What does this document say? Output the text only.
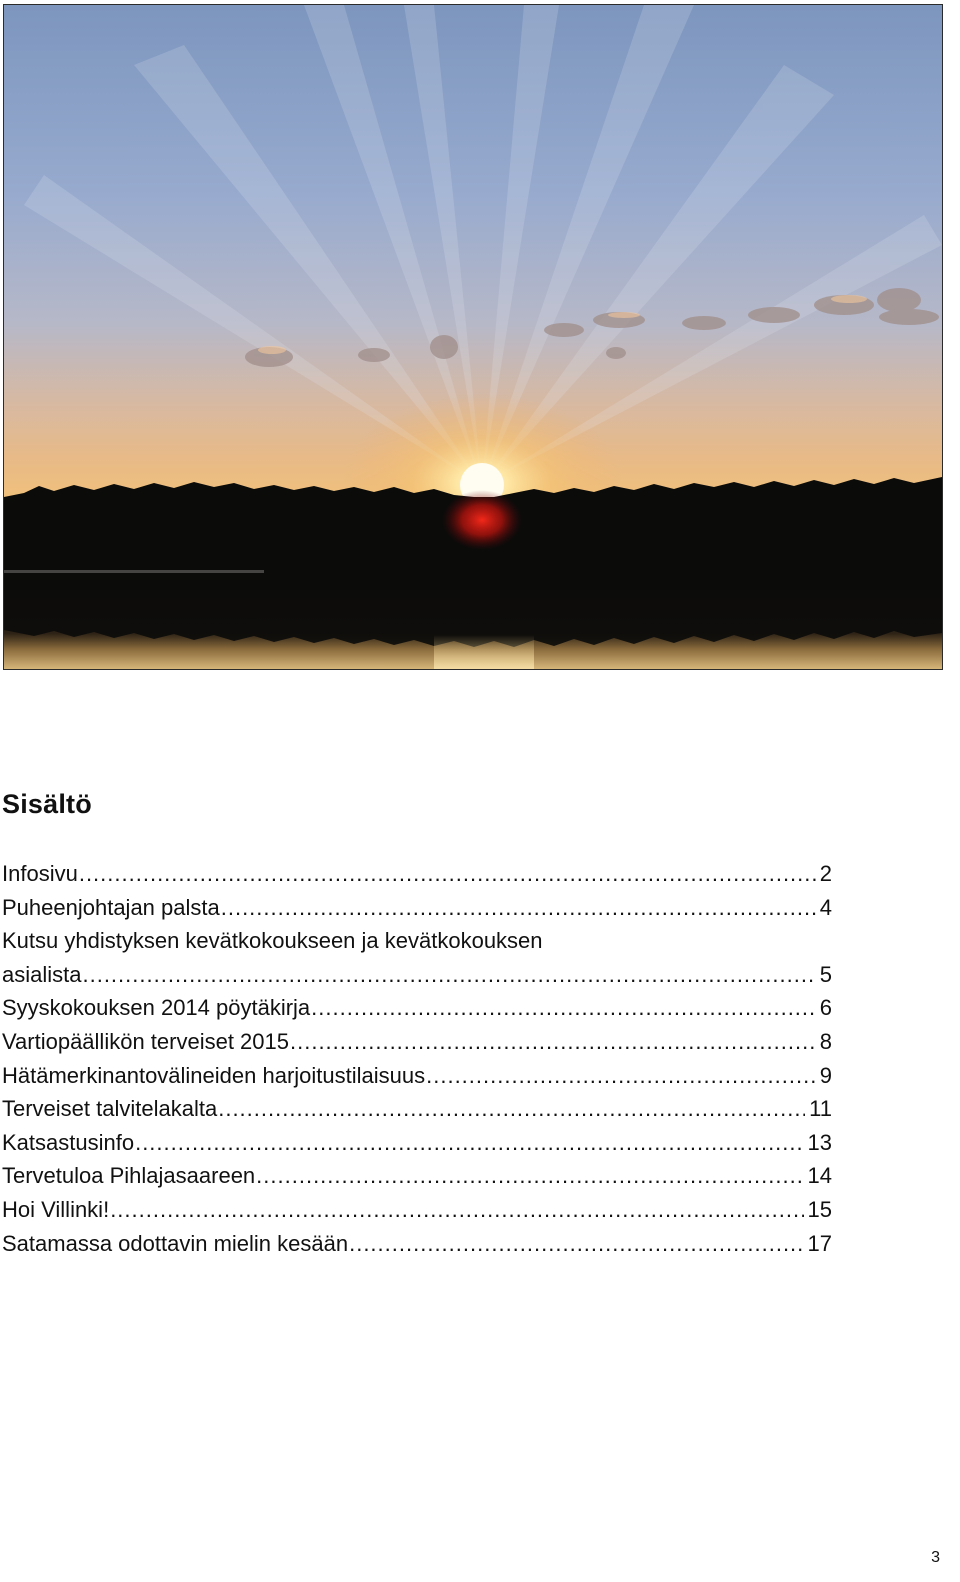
Sisältö
Infosivu .....	2
Puheenjohtajan palsta .....	4
Kutsu yhdistyksen kevätkokoukseen ja kevätkokouksen
asialista .....	5
Syyskokouksen 2014 pöytäkirja .....	6
Vartiopäällikön terveiset 2015 .....	8
Hätämerkinantovälineiden harjoitustilaisuus .....	9
Terveiset talvitelakalta .....	11
Katsastusinfo .....	13
Tervetuloa Pihlajasaareen .....	14
Hoi Villinki! .....	15
Satamassa odottavin mielin kesään .....	17
3
